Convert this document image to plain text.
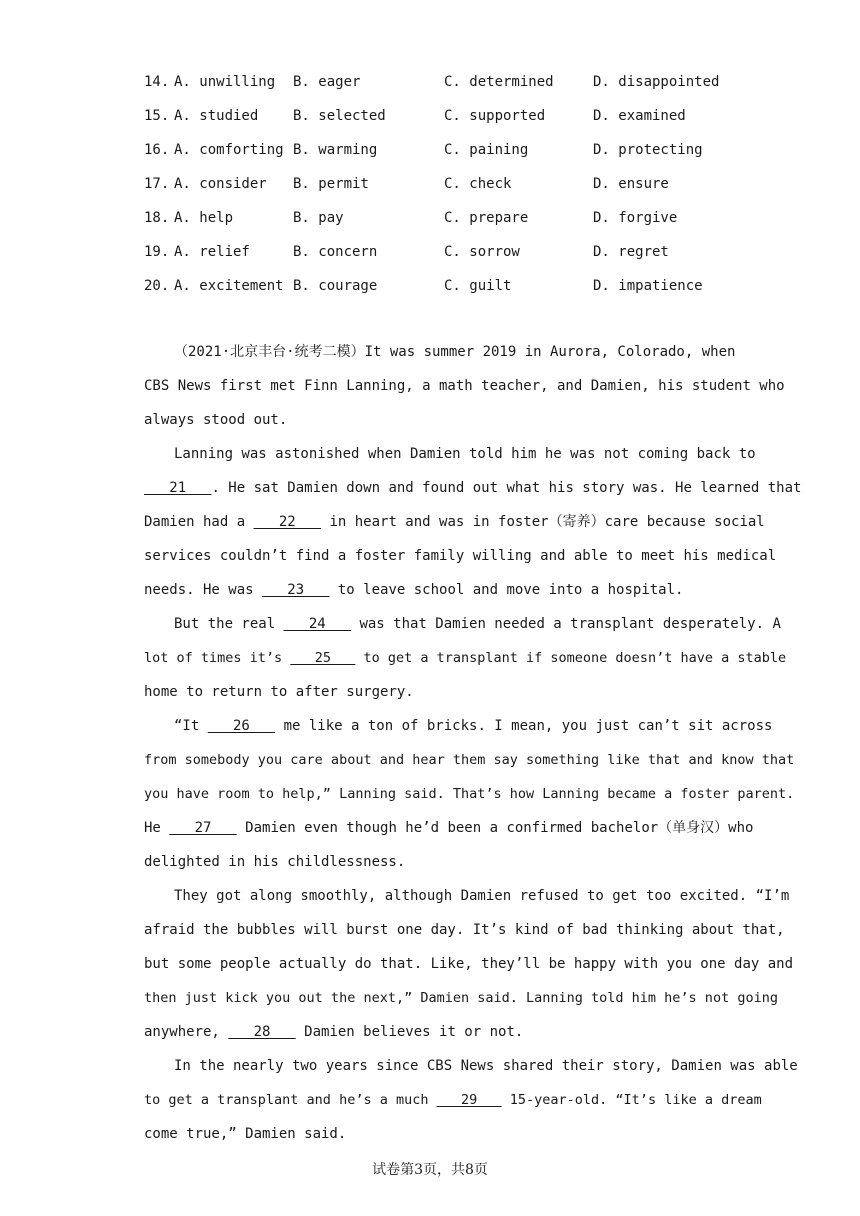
14. A. unwilling B. eager	C. determined	D. disappointed
15. A. studied B. selected	C. supported	D. examined
16. A. comforting B. warming	C. paining	D. protecting
17. A. consider B. permit	C. check	D. ensure
18. A. help	B. pay	C. prepare	D. forgive
19. A. relief	B. concern	C. sorrow	D. regret
20. A. excitement B. courage	C. guilt	D. impatience
（2021·北京丰台·统考二模）It was summer 2019 in Aurora, Colorado, when
CBS News first met Finn Lanning, a math teacher, and Damien, his student who
always stood out.
Lanning was astonished when Damien told him he was not coming back to
21   . He sat Damien down and found out what his story was. He learned that
Damien had a    22    in heart and was in foster（寄养）care because social
services couldn’t find a foster family willing and able to meet his medical
needs. He was    23    to leave school and move into a hospital.
But the real    24    was that Damien needed a transplant desperately. A
lot of times it’s    25    to get a transplant if someone doesn’t have a stable
home to return to after surgery.
“It    26    me like a ton of bricks. I mean, you just can’t sit across
from somebody you care about and hear them say something like that and know that
you have room to help,” Lanning said. That’s how Lanning became a foster parent.
He    27    Damien even though he’d been a confirmed bachelor（单身汉）who
delighted in his childlessness.
They got along smoothly, although Damien refused to get too excited. “I’m
afraid the bubbles will burst one day. It’s kind of bad thinking about that,
but some people actually do that. Like, they’ll be happy with you one day and
then just kick you out the next,” Damien said. Lanning told him he’s not going
anywhere,    28    Damien believes it or not.
In the nearly two years since CBS News shared their story, Damien was able
to get a transplant and he’s a much    29    15-year-old. “It’s like a dream
come true,” Damien said.
试卷第3页，共8页
